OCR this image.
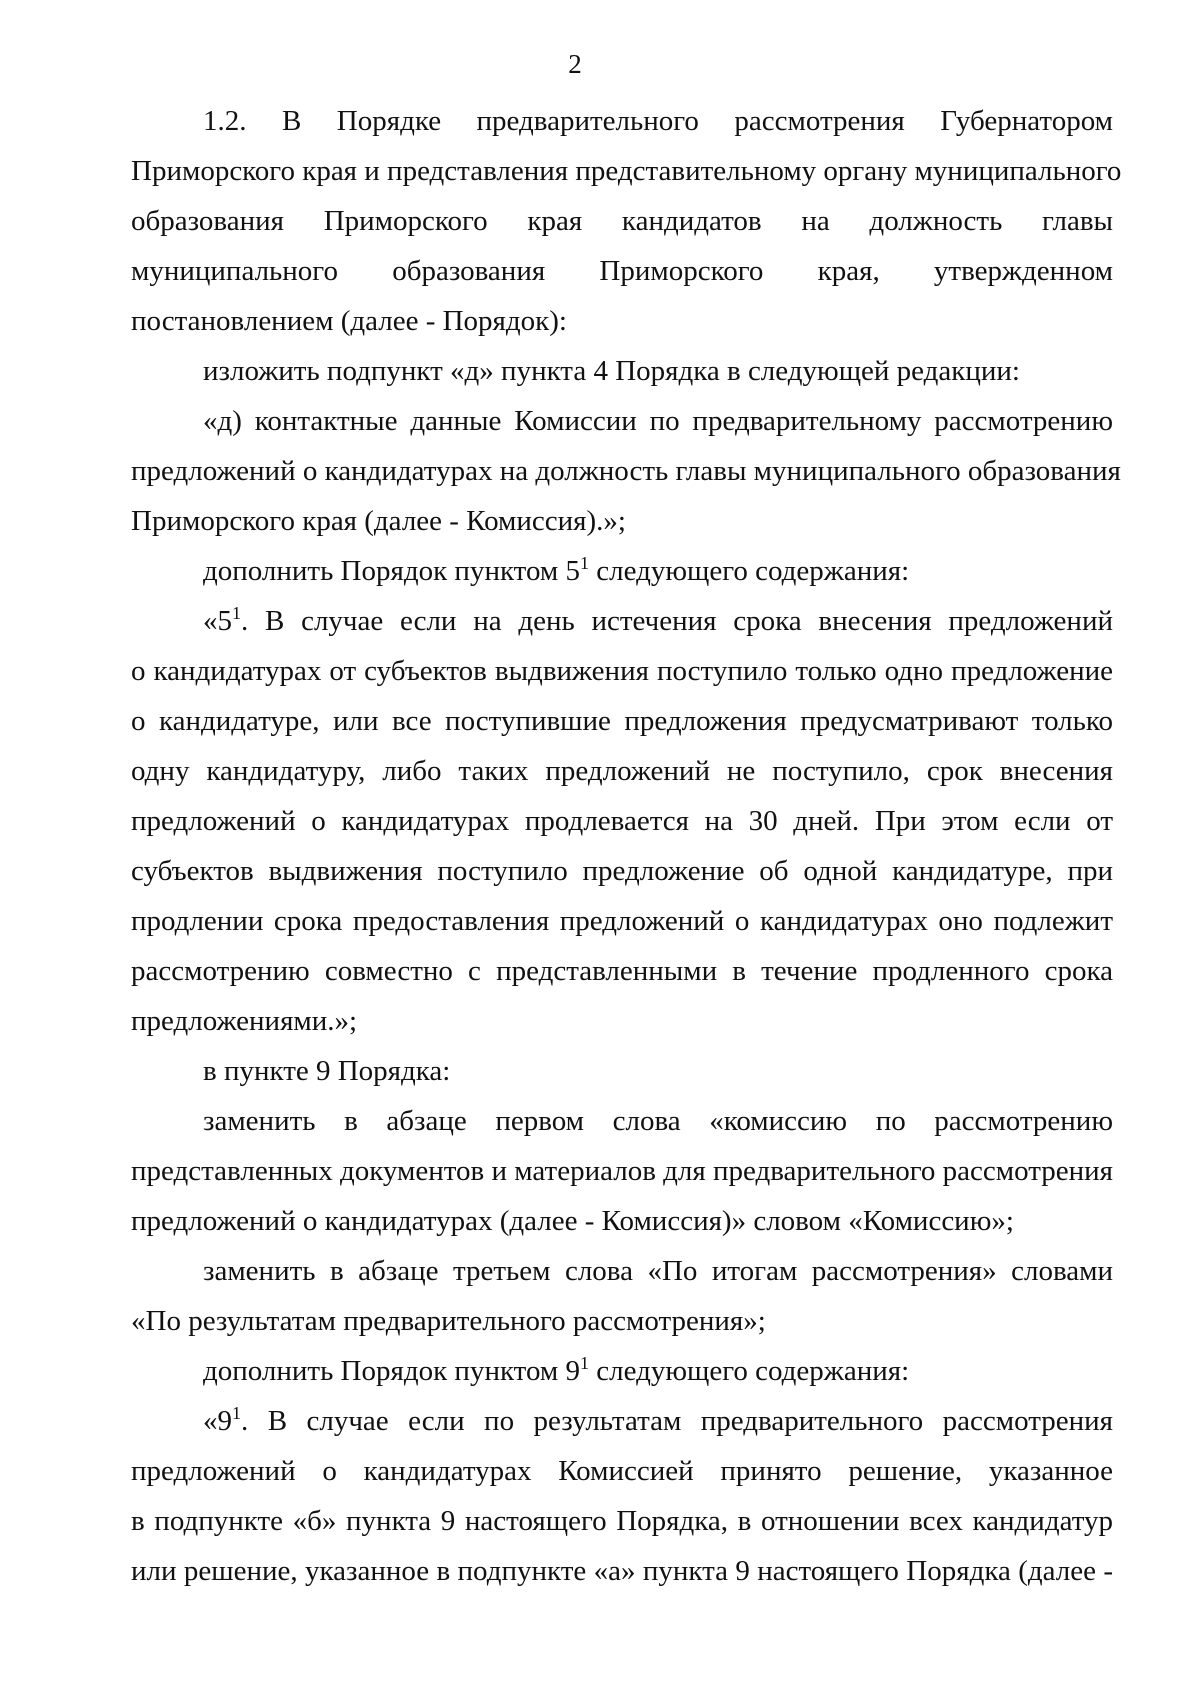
2
1.2. В Порядке предварительного рассмотрения Губернатором
Приморского края и представления представительному органу муниципального
образования Приморского края кандидатов на должность главы
муниципального образования Приморского края, утвержденном
постановлением (далее - Порядок):
изложить подпункт «д» пункта 4 Порядка в следующей редакции:
«д) контактные данные Комиссии по предварительному рассмотрению
предложений о кандидатурах на должность главы муниципального образования
Приморского края (далее - Комиссия).»;
дополнить Порядок пунктом $5^1$ следующего содержания:
«$5^1$. В случае если на день истечения срока внесения предложений
о кандидатурах от субъектов выдвижения поступило только одно предложение
о кандидатуре, или все поступившие предложения предусматривают только
одну кандидатуру, либо таких предложений не поступило, срок внесения
предложений о кандидатурах продлевается на 30 дней. При этом если от
субъектов выдвижения поступило предложение об одной кандидатуре, при
продлении срока предоставления предложений о кандидатурах оно подлежит
рассмотрению совместно с представленными в течение продленного срока
предложениями.»;
в пункте 9 Порядка:
заменить в абзаце первом слова «комиссию по рассмотрению
представленных документов и материалов для предварительного рассмотрения
предложений о кандидатурах (далее - Комиссия)» словом «Комиссию»;
заменить в абзаце третьем слова «По итогам рассмотрения» словами
«По результатам предварительного рассмотрения»;
дополнить Порядок пунктом $9^1$ следующего содержания:
«$9^1$. В случае если по результатам предварительного рассмотрения
предложений о кандидатурах Комиссией принято решение, указанное
в подпункте «б» пункта 9 настоящего Порядка, в отношении всех кандидатур
или решение, указанное в подпункте «а» пункта 9 настоящего Порядка (далее -
